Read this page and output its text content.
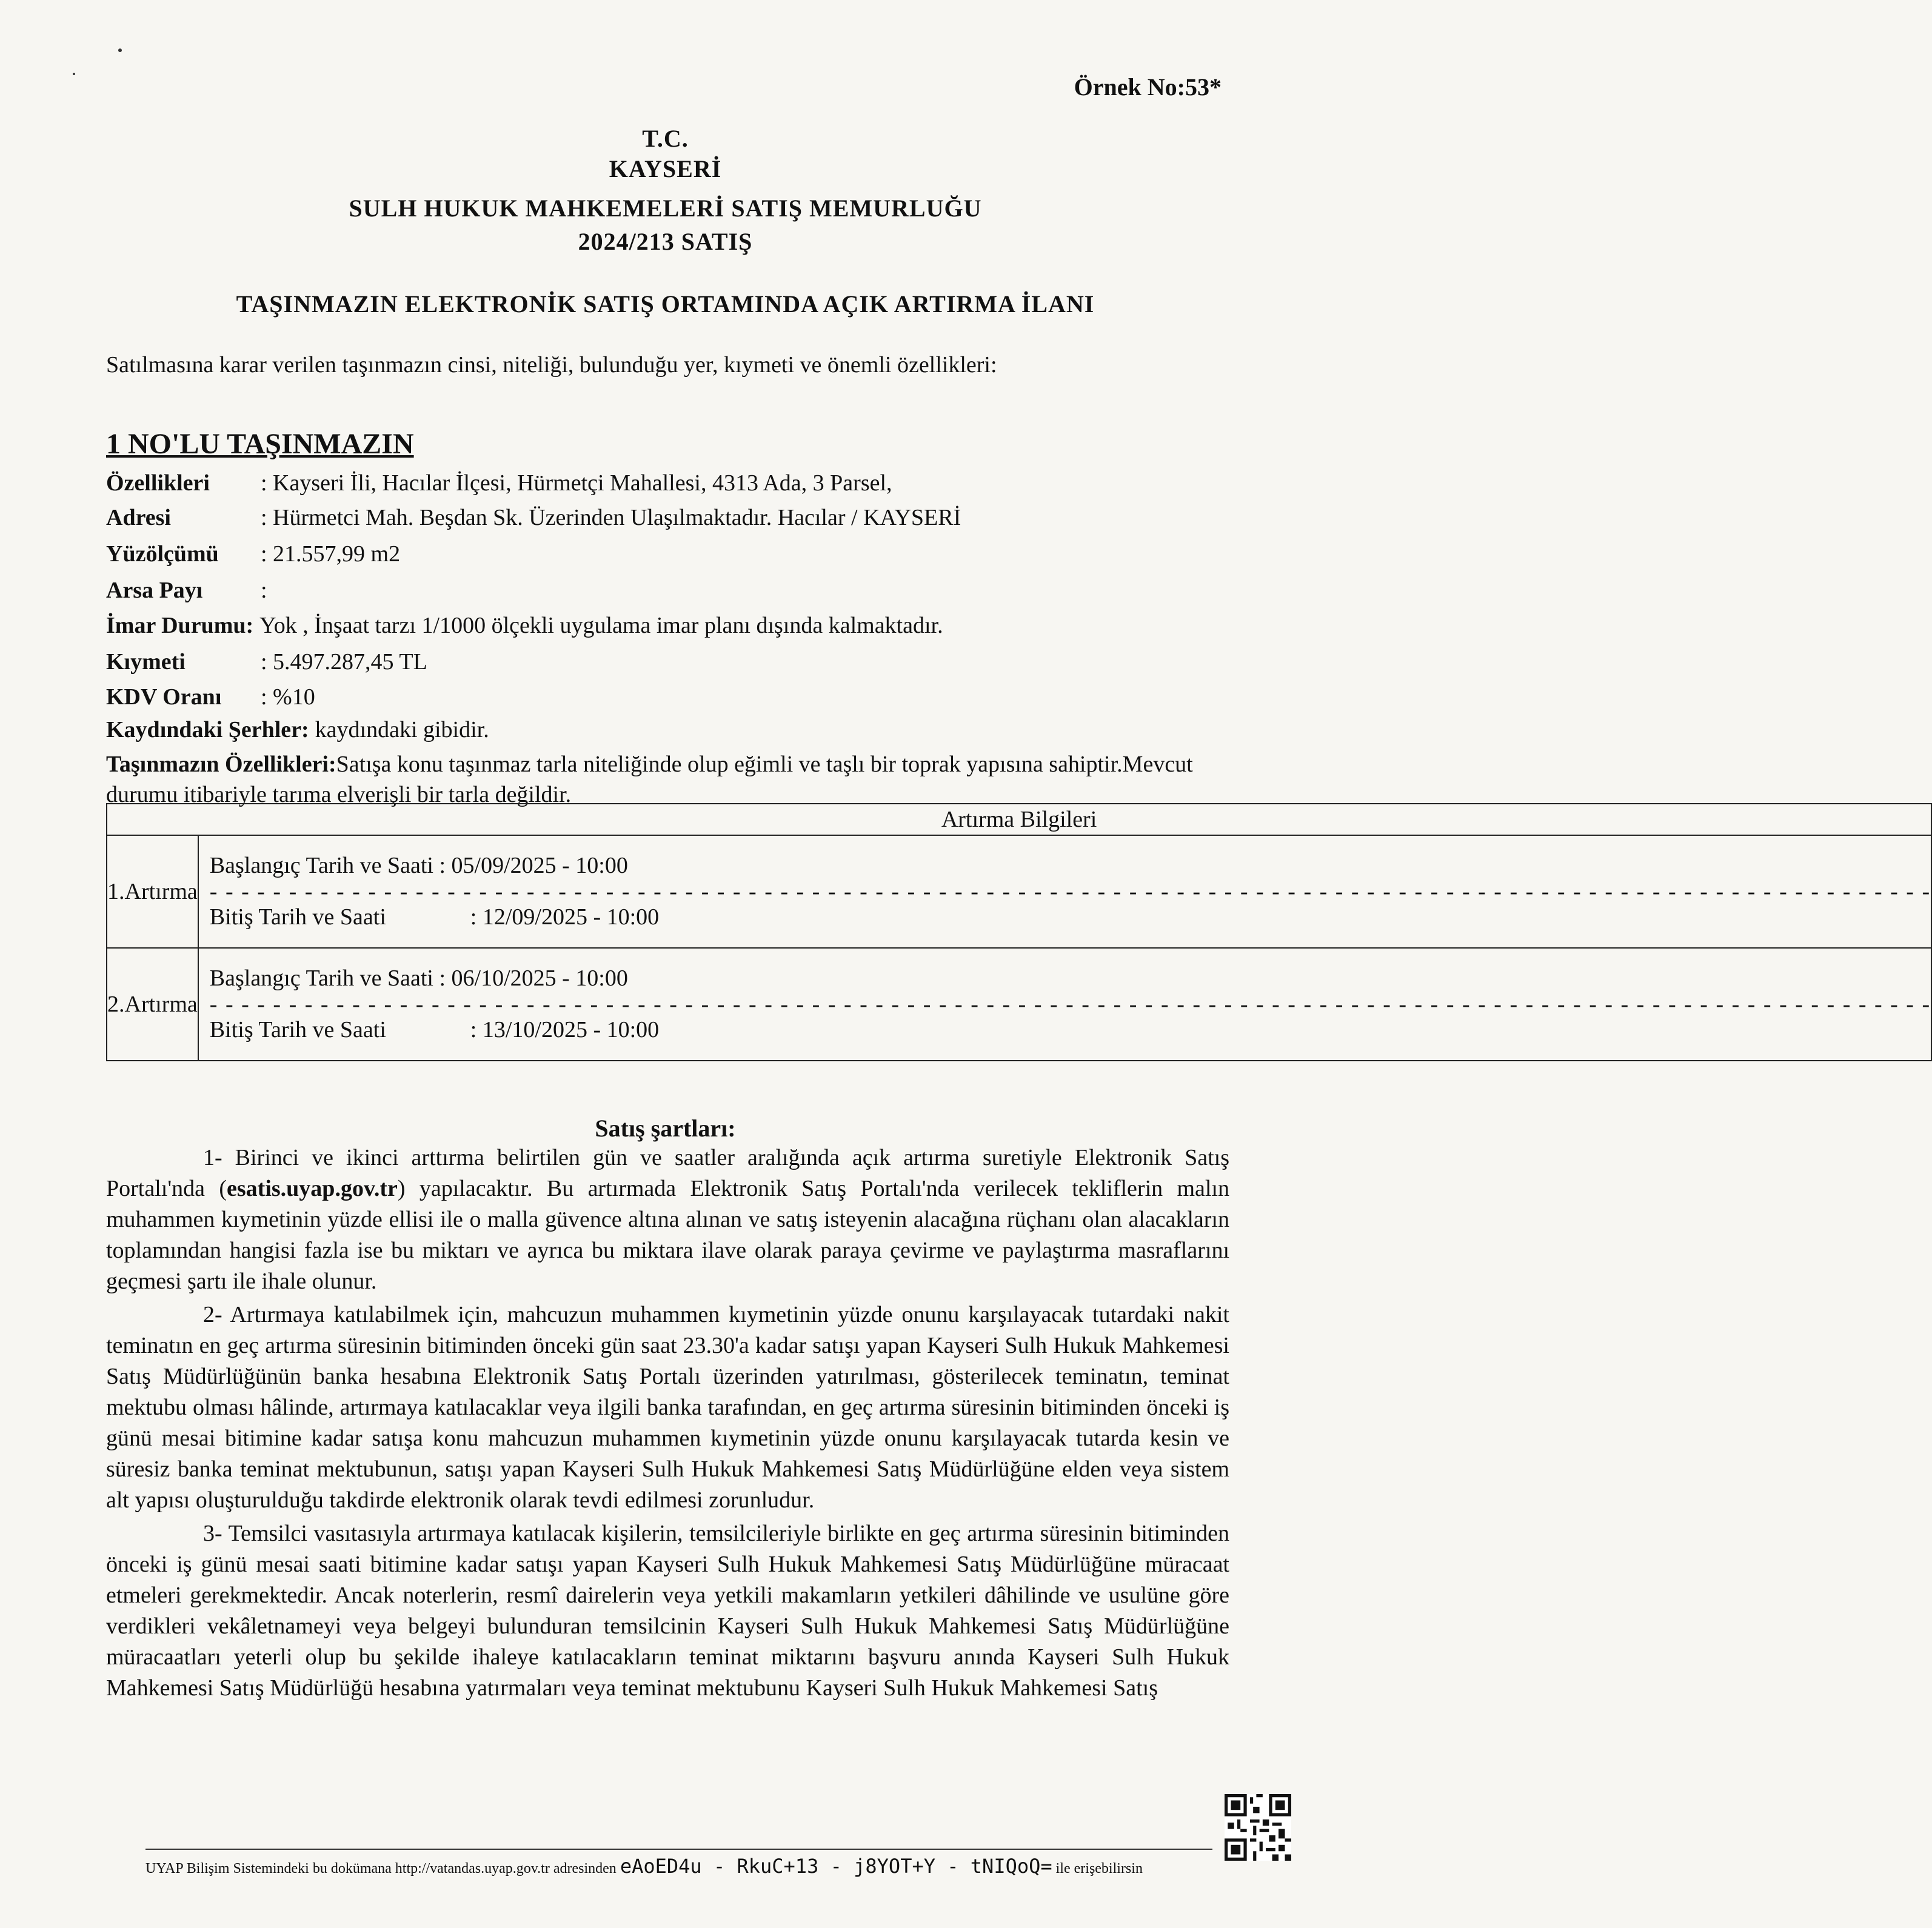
Örnek No:53*
T.C.
KAYSERİ
SULH HUKUK MAHKEMELERİ SATIŞ MEMURLUĞU
2024/213 SATIŞ
TAŞINMAZIN ELEKTRONİK SATIŞ ORTAMINDA AÇIK ARTIRMA İLANI
Satılmasına karar verilen taşınmazın cinsi, niteliği, bulunduğu yer, kıymeti ve önemli özellikleri:
1 NO'LU TAŞINMAZIN
Özellikleri	: Kayseri İli, Hacılar İlçesi, Hürmetçi Mahallesi, 4313 Ada, 3 Parsel,
Adresi	: Hürmetci Mah. Beşdan Sk. Üzerinden Ulaşılmaktadır. Hacılar / KAYSERİ
Yüzölçümü	: 21.557,99 m2
Arsa Payı	:
İmar Durumu: Yok , İnşaat tarzı 1/1000 ölçekli uygulama imar planı dışında kalmaktadır.
Kıymeti	: 5.497.287,45 TL
KDV Oranı	: %10
Kaydındaki Şerhler: kaydındaki gibidir.
Taşınmazın Özellikleri:Satışa konu taşınmaz tarla niteliğinde olup eğimli ve taşlı bir toprak yapısına sahiptir.Mevcut durumu itibariyle tarıma elverişli bir tarla değildir.
Artırma Bilgileri	
1.Artırma	Başlangıç Tarih ve Saati : 05/09/2025 - 10:00
- - - - - - - - - - - - - - - - - - - - - - - - - - - - - - - - - - - - - - - - - - - - - - - - - - - - - - - - - - - - - - - - - - - - - - - - - - - - - - - - - - - - - - - - - - - - - - - - - - - - - - - - - - - - -
Bitiş Tarih ve Saati : 12/09/2025 - 10:00

2.Artırma	Başlangıç Tarih ve Saati : 06/10/2025 - 10:00
- - - - - - - - - - - - - - - - - - - - - - - - - - - - - - - - - - - - - - - - - - - - - - - - - - - - - - - - - - - - - - - - - - - - - - - - - - - - - - - - - - - - - - - - - - - - - - - - - - - - - - - - - - - - -
Bitiş Tarih ve Saati : 13/10/2025 - 10:00
Satış şartları:

1- Birinci ve ikinci arttırma belirtilen gün ve saatler aralığında açık artırma suretiyle Elektronik Satış Portalı'nda (esatis.uyap.gov.tr) yapılacaktır. Bu artırmada Elektronik Satış Portalı'nda verilecek tekliflerin malın muhammen kıymetinin yüzde ellisi ile o malla güvence altına alınan ve satış isteyenin alacağına rüçhanı olan alacakların toplamından hangisi fazla ise bu miktarı ve ayrıca bu miktara ilave olarak paraya çevirme ve paylaştırma masraflarını geçmesi şartı ile ihale olunur.

2- Artırmaya katılabilmek için, mahcuzun muhammen kıymetinin yüzde onunu karşılayacak tutardaki nakit teminatın en geç artırma süresinin bitiminden önceki gün saat 23.30'a kadar satışı yapan Kayseri Sulh Hukuk Mahkemesi Satış Müdürlüğünün banka hesabına Elektronik Satış Portalı üzerinden yatırılması, gösterilecek teminatın, teminat mektubu olması hâlinde, artırmaya katılacaklar veya ilgili banka tarafından, en geç artırma süresinin bitiminden önceki iş günü mesai bitimine kadar satışa konu mahcuzun muhammen kıymetinin yüzde onunu karşılayacak tutarda kesin ve süresiz banka teminat mektubunun, satışı yapan Kayseri Sulh Hukuk Mahkemesi Satış Müdürlüğüne elden veya sistem alt yapısı oluşturulduğu takdirde elektronik olarak tevdi edilmesi zorunludur.

3- Temsilci vasıtasıyla artırmaya katılacak kişilerin, temsilcileriyle birlikte en geç artırma süresinin bitiminden önceki iş günü mesai saati bitimine kadar satışı yapan Kayseri Sulh Hukuk Mahkemesi Satış Müdürlüğüne müracaat etmeleri gerekmektedir. Ancak noterlerin, resmî dairelerin veya yetkili makamların yetkileri dâhilinde ve usulüne göre verdikleri vekâletnameyi veya belgeyi bulunduran temsilcinin Kayseri Sulh Hukuk Mahkemesi Satış Müdürlüğüne müracaatları yeterli olup bu şekilde ihaleye katılacakların teminat miktarını başvuru anında Kayseri Sulh Hukuk Mahkemesi Satış Müdürlüğü hesabına yatırmaları veya teminat mektubunu Kayseri Sulh Hukuk Mahkemesi Satış

UYAP Bilişim Sistemindeki bu dokümana http://vatandas.uyap.gov.tr adresinden eAoED4u - RkuC+13 - j8YOT+Y - tNIQoQ= ile erişebilirsin
